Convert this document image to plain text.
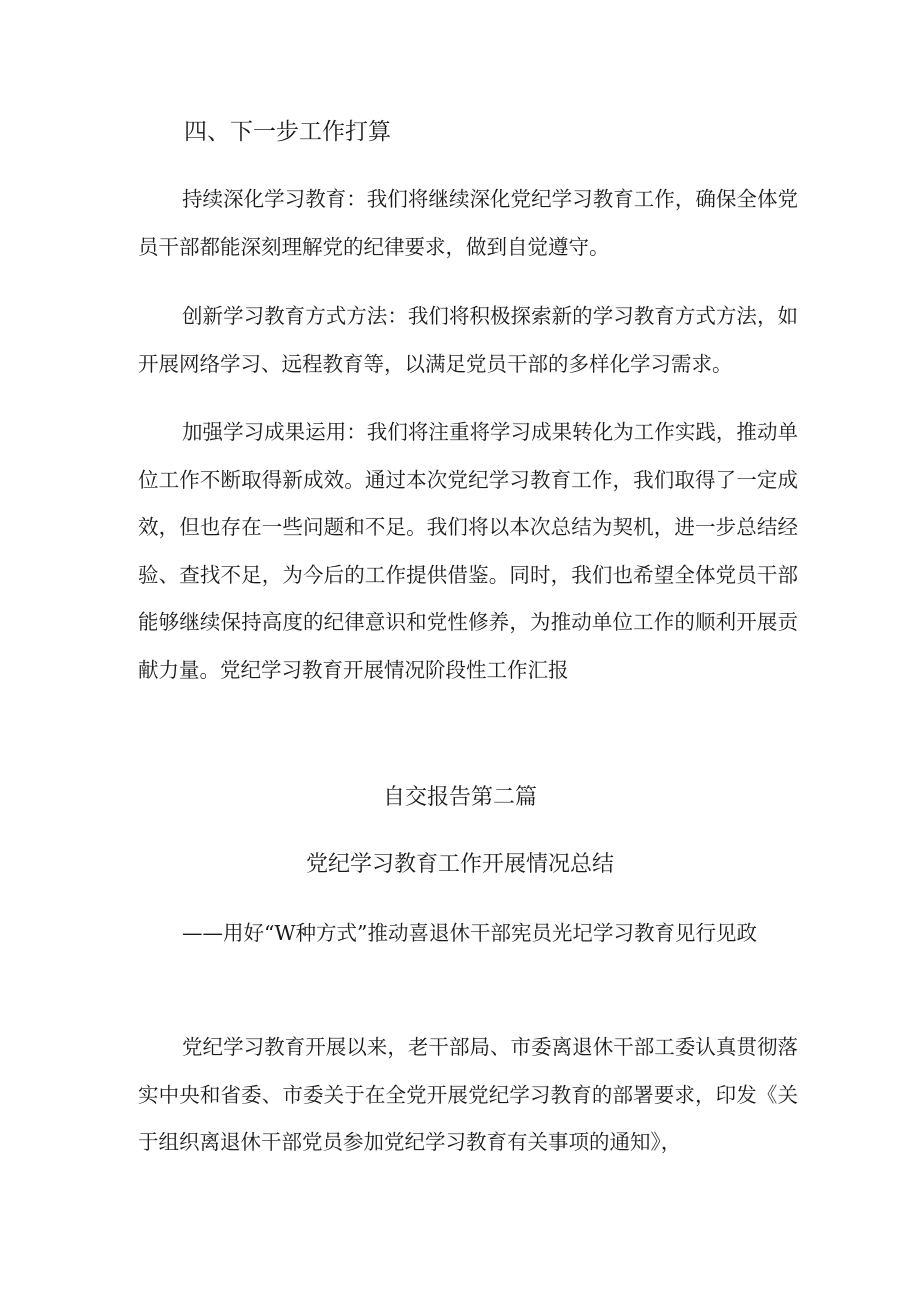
四、下一步工作打算

持续深化学习教育：我们将继续深化党纪学习教育工作，确保全体党员干部都能深刻理解党的纪律要求，做到自觉遵守。

创新学习教育方式方法：我们将积极探索新的学习教育方式方法，如开展网络学习、远程教育等，以满足党员干部的多样化学习需求。

加强学习成果运用：我们将注重将学习成果转化为工作实践，推动单位工作不断取得新成效。通过本次党纪学习教育工作，我们取得了一定成效，但也存在一些问题和不足。我们将以本次总结为契机，进一步总结经验、查找不足，为今后的工作提供借鉴。同时，我们也希望全体党员干部能够继续保持高度的纪律意识和党性修养，为推动单位工作的顺利开展贡献力量。党纪学习教育开展情况阶段性工作汇报

自交报告第二篇
党纪学习教育工作开展情况总结

——用好“W种方式”推动喜退休干部宪员光圮学习教育见行见政

党纪学习教育开展以来，老干部局、市委离退休干部工委认真贯彻落实中央和省委、市委关于在全党开展党纪学习教育的部署要求，印发《关于组织离退休干部党员参加党纪学习教育有关事项的通知》，
